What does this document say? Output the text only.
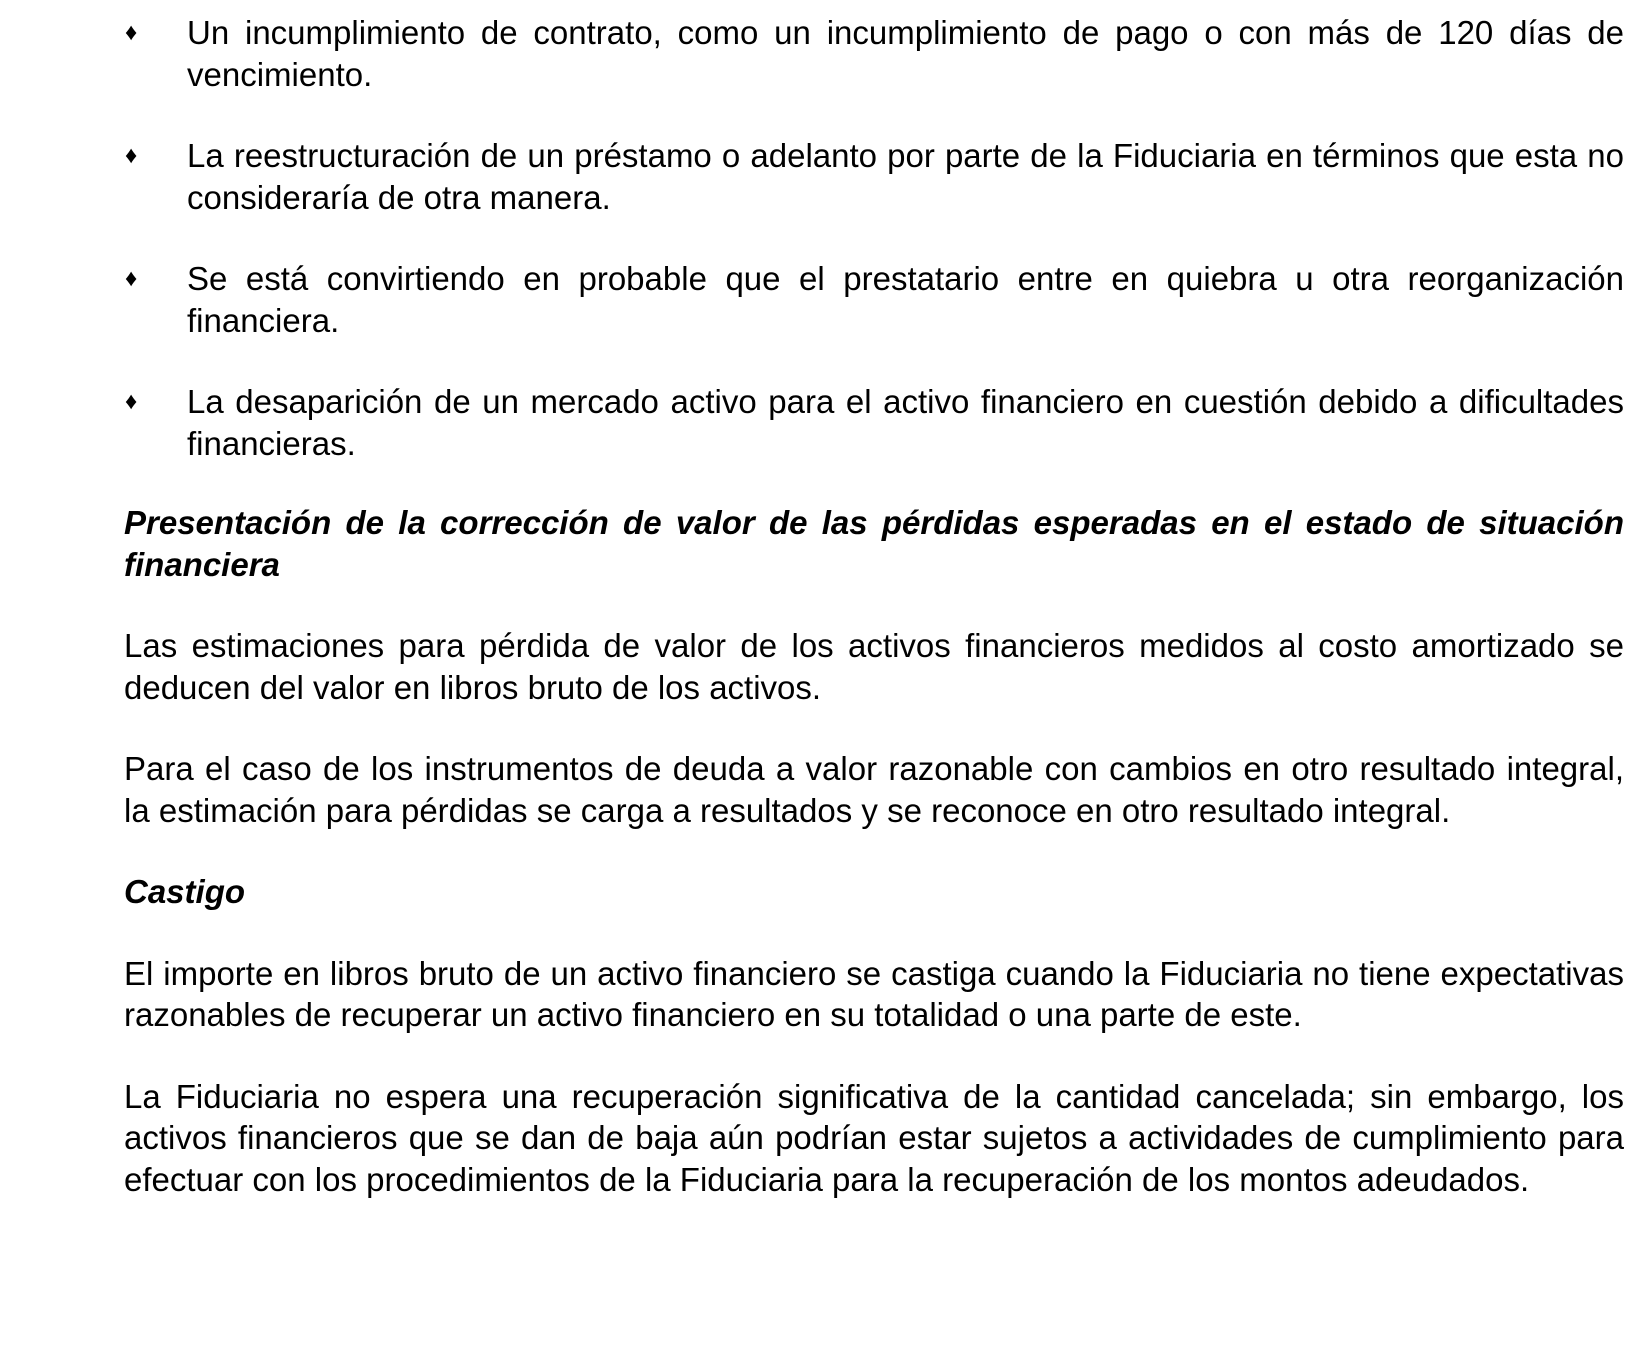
♦ Un incumplimiento de contrato, como un incumplimiento de pago o con más de 120 días de vencimiento.
♦ La reestructuración de un préstamo o adelanto por parte de la Fiduciaria en términos que esta no consideraría de otra manera.
♦ Se está convirtiendo en probable que el prestatario entre en quiebra u otra reorganización financiera.
♦ La desaparición de un mercado activo para el activo financiero en cuestión debido a dificultades financieras.
Presentación de la corrección de valor de las pérdidas esperadas en el estado de situación financiera

Las estimaciones para pérdida de valor de los activos financieros medidos al costo amortizado se deducen del valor en libros bruto de los activos.

Para el caso de los instrumentos de deuda a valor razonable con cambios en otro resultado integral, la estimación para pérdidas se carga a resultados y se reconoce en otro resultado integral.

Castigo

El importe en libros bruto de un activo financiero se castiga cuando la Fiduciaria no tiene expectativas razonables de recuperar un activo financiero en su totalidad o una parte de este.

La Fiduciaria no espera una recuperación significativa de la cantidad cancelada; sin embargo, los activos financieros que se dan de baja aún podrían estar sujetos a actividades de cumplimiento para efectuar con los procedimientos de la Fiduciaria para la recuperación de los montos adeudados.
